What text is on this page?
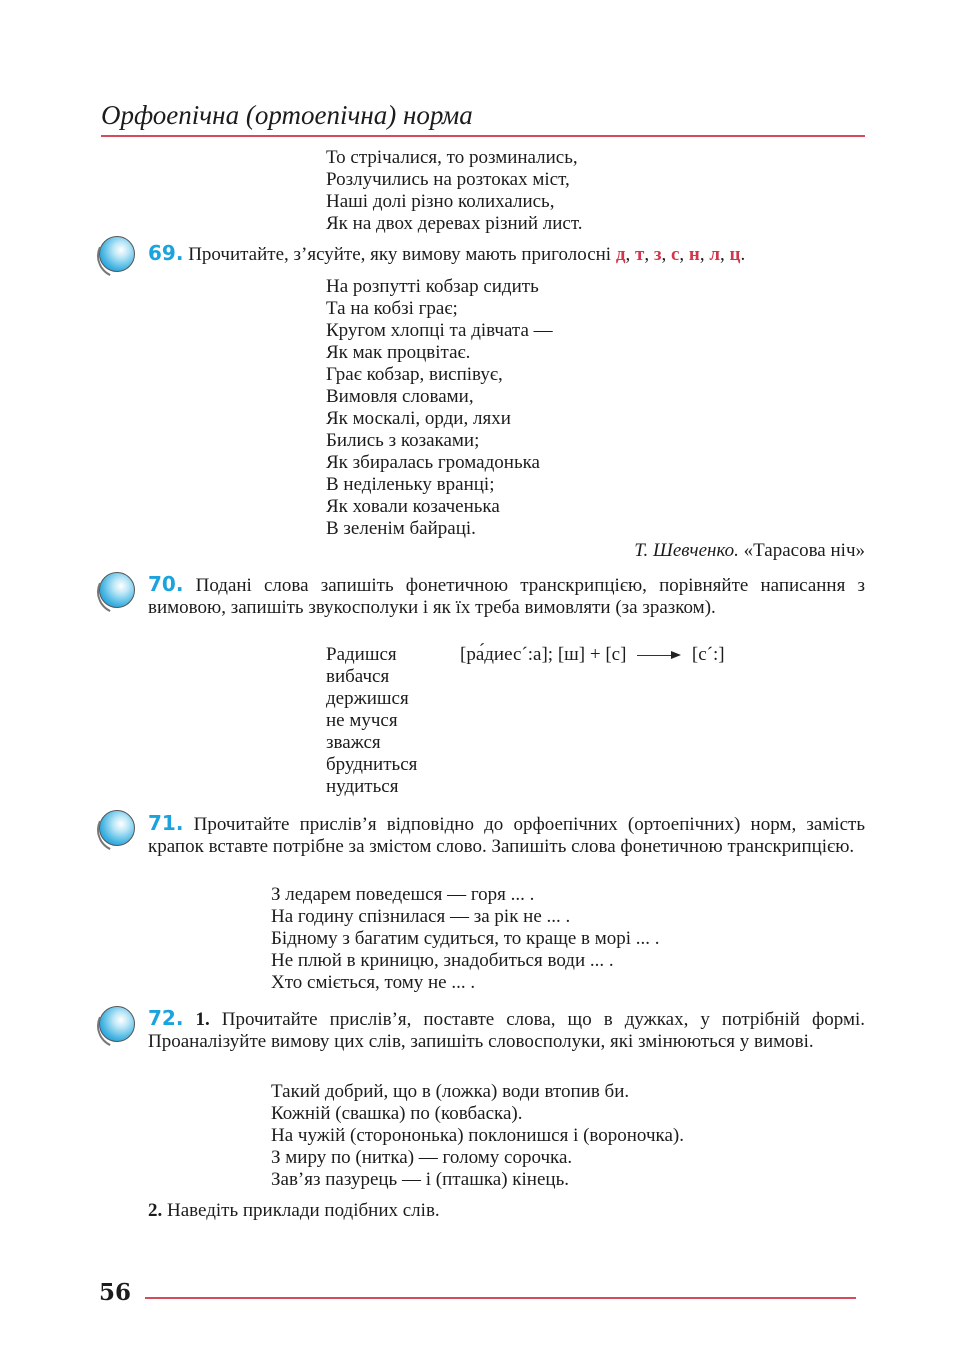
Орфоепічна (ортоепічна) норма
То стрічалися, то розминались,
Розлучились на розтоках міст,
Наші долі різно колихались,
Як на двох деревах різний лист.
69. Прочитайте, з’ясуйте, яку вимову мають приголосні д, т, з, с, н, л, ц.
На розпутті кобзар сидить
Та на кобзі грає;
Кругом хлопці та дівчата —
Як мак процвітає.
Грає кобзар, виспівує,
Вимовля словами,
Як москалі, орди, ляхи
Бились з козаками;
Як збиралась громадонька
В неділеньку вранці;
Як ховали козаченька
В зеленім байраці.
Т. Шевченко. «Тарасова ніч»
70. Подані слова запишіть фонетичною транскрипцією, порівняйте написання з вимовою, запишіть звукосполуки і як їх треба вимовляти (за зразком).
Радишся
вибачся
держишся
не мучся
зважся
брудниться
нудиться
[ра́диес´:а]; [ш] + [с]	[с´:]
71. Прочитайте прислів’я відповідно до орфоепічних (ортоепічних) норм, замість крапок вставте потрібне за змістом слово. Запишіть слова фонетичною транскрипцією.
З ледарем поведешся — горя ... .
На годину спізнилася — за рік не ... .
Бідному з багатим судиться, то краще в морі ... .
Не плюй в криницю, знадобиться води ... .
Хто сміється, тому не ... .
72. 1. Прочитайте прислів’я, поставте слова, що в дужках, у потрібній формі. Проаналізуйте вимову цих слів, запишіть словосполуки, які змінюються у вимові.
Такий добрий, що в (ложка) води втопив би.
Кожній (свашка) по (ковбаска).
На чужій (сторононька) поклонишся і (вороночка).
З миру по (нитка) — голому сорочка.
Зав’яз пазурець — і (пташка) кінець.
2. Наведіть приклади подібних слів.
56
